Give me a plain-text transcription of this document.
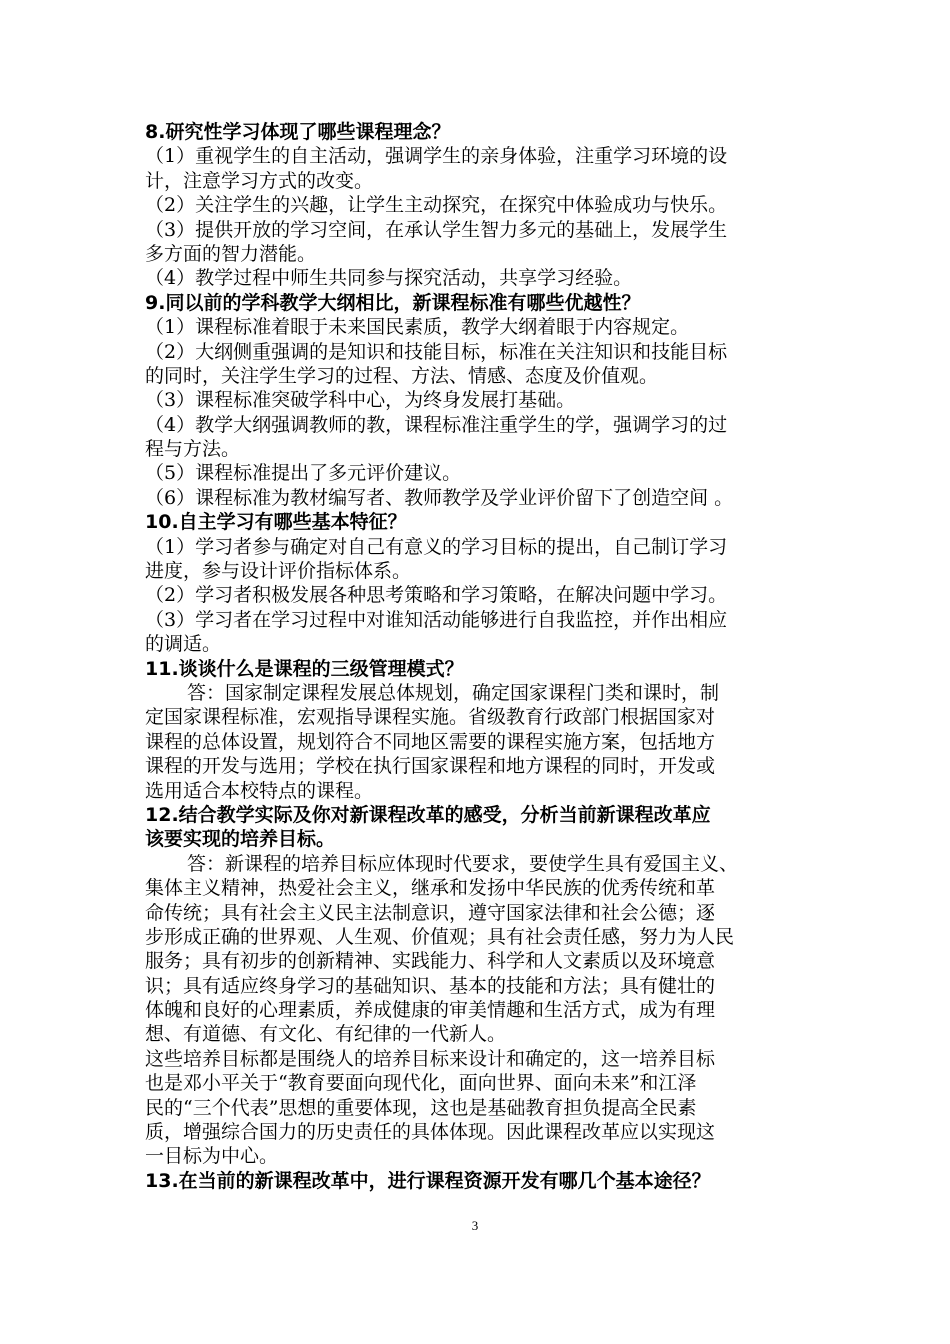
8.研究性学习体现了哪些课程理念？
（1）重视学生的自主活动，强调学生的亲身体验，注重学习环境的设
计，注意学习方式的改变。
（2）关注学生的兴趣，让学生主动探究，在探究中体验成功与快乐。
（3）提供开放的学习空间，在承认学生智力多元的基础上，发展学生
多方面的智力潜能。
（4）教学过程中师生共同参与探究活动，共享学习经验。
9.同以前的学科教学大纲相比，新课程标准有哪些优越性？
（1）课程标准着眼于未来国民素质，教学大纲着眼于内容规定。
（2）大纲侧重强调的是知识和技能目标，标准在关注知识和技能目标
的同时，关注学生学习的过程、方法、情感、态度及价值观。
（3）课程标准突破学科中心，为终身发展打基础。
（4）教学大纲强调教师的教，课程标准注重学生的学，强调学习的过
程与方法。
（5）课程标准提出了多元评价建议。
（6）课程标准为教材编写者、教师教学及学业评价留下了创造空间 。
10.自主学习有哪些基本特征？
（1）学习者参与确定对自己有意义的学习目标的提出，自己制订学习
进度，参与设计评价指标体系。
（2）学习者积极发展各种思考策略和学习策略，在解决问题中学习。
（3）学习者在学习过程中对谁知活动能够进行自我监控，并作出相应
的调适。
11.谈谈什么是课程的三级管理模式？
答：国家制定课程发展总体规划，确定国家课程门类和课时，制
定国家课程标准，宏观指导课程实施。省级教育行政部门根据国家对
课程的总体设置，规划符合不同地区需要的课程实施方案，包括地方
课程的开发与选用；学校在执行国家课程和地方课程的同时，开发或
选用适合本校特点的课程。
12.结合教学实际及你对新课程改革的感受，分析当前新课程改革应
该要实现的培养目标。
答：新课程的培养目标应体现时代要求，要使学生具有爱国主义、
集体主义精神，热爱社会主义，继承和发扬中华民族的优秀传统和革
命传统；具有社会主义民主法制意识，遵守国家法律和社会公德；逐
步形成正确的世界观、人生观、价值观；具有社会责任感，努力为人民
服务；具有初步的创新精神、实践能力、科学和人文素质以及环境意
识；具有适应终身学习的基础知识、基本的技能和方法；具有健壮的
体魄和良好的心理素质，养成健康的审美情趣和生活方式，成为有理
想、有道德、有文化、有纪律的一代新人。
这些培养目标都是围绕人的培养目标来设计和确定的，这一培养目标
也是邓小平关于“教育要面向现代化，面向世界、面向未来”和江泽
民的“三个代表”思想的重要体现，这也是基础教育担负提高全民素
质，增强综合国力的历史责任的具体体现。因此课程改革应以实现这
一目标为中心。
13.在当前的新课程改革中，进行课程资源开发有哪几个基本途径？
3
